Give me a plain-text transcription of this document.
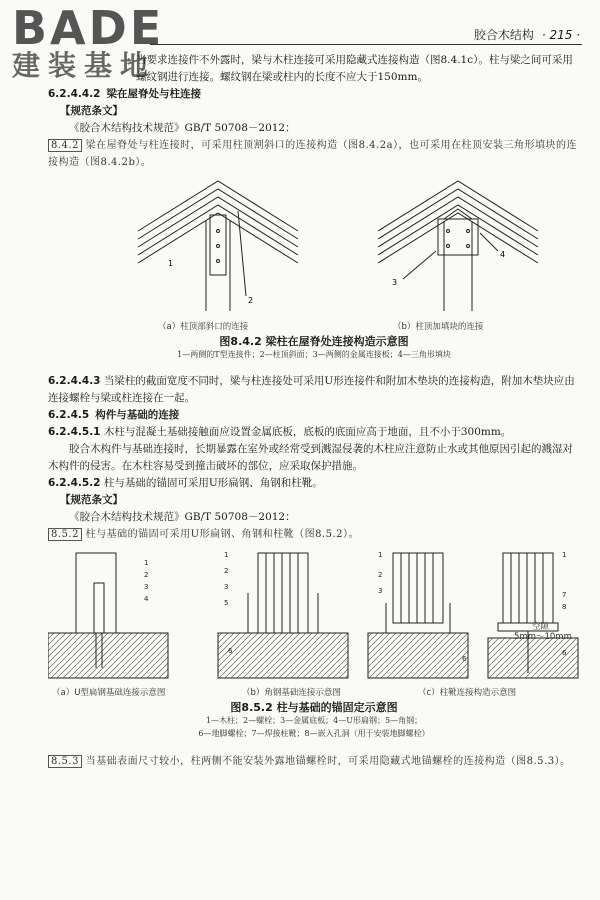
BADE
建装基地
胶合木结构 · 215 ·

当要求连接件不外露时，梁与木柱连接可采用隐藏式连接构造（图8.4.1c）。柱与梁之间可采用螺纹钢进行连接。螺纹钢在梁或柱内的长度不应大于150mm。

6.2.4.4.2 梁在屋脊处与柱连接

【规范条文】

《胶合木结构技术规范》GB/T 50708－2012：

8.4.2 梁在屋脊处与柱连接时，可采用柱顶割斜口的连接构造（图8.4.2a），也可采用在柱顶安装三角形填块的连接构造（图8.4.2b）。

1
2
3
4
（a）柱顶部斜口的连接	（b）柱顶加填块的连接
图8.4.2 梁柱在屋脊处连接构造示意图
1—两侧的T型连接件；2—柱顶斜面；3—两侧的金属连接板；4—三角形填块

6.2.4.4.3 当梁柱的截面宽度不同时，梁与柱连接处可采用U形连接件和附加木垫块的连接构造，附加木垫块应由连接螺栓与梁或柱连接在一起。

6.2.4.5 构件与基础的连接

6.2.4.5.1 木柱与混凝土基础接触面应设置金属底板，底板的底面应高于地面，且不小于300mm。

胶合木构件与基础连接时，长期暴露在室外或经常受到溅湿侵袭的木柱应注意防止水或其他原因引起的溅湿对木构件的侵害。在木柱容易受到撞击破坏的部位，应采取保护措施。

6.2.4.5.2 柱与基础的锚固可采用U形扁钢、角钢和柱靴。

【规范条文】

《胶合木结构技术规范》GB/T 50708－2012：

8.5.2 柱与基础的锚固可采用U形扁钢、角钢和柱靴（图8.5.2）。

1
2
3
4
1
2
3
5
6
1
2
3
6
1
7
8
6
空隙
5mm～10mm
（a）U型扁钢基础连接示意图	（b）角钢基础连接示意图	（c）柱靴连接构造示意图
图8.5.2 柱与基础的锚固定示意图
1—木柱；2—螺栓；3—金属底板；4—U形扁钢；5—角钢；
6—地脚螺栓；7—焊接柱靴；8—嵌入孔洞（用于安装地脚螺栓）

8.5.3 当基础表面尺寸较小，柱两侧不能安装外露地锚螺栓时，可采用隐藏式地锚螺栓的连接构造（图8.5.3）。
